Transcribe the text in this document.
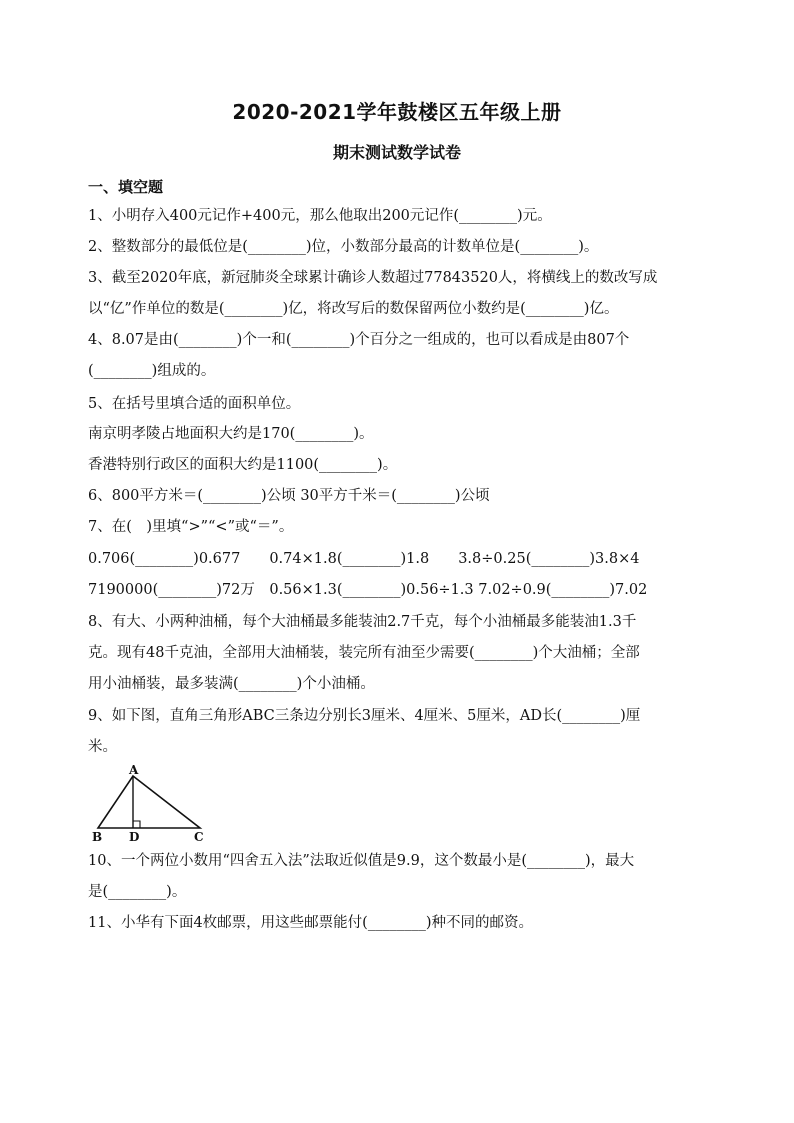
2020-2021学年鼓楼区五年级上册
期末测试数学试卷
一、填空题
1、小明存入400元记作+400元，那么他取出200元记作(________)元。
2、整数部分的最低位是(________)位，小数部分最高的计数单位是(________)。
3、截至2020年底，新冠肺炎全球累计确诊人数超过77843520人，将横线上的数改写成
以“亿”作单位的数是(________)亿，将改写后的数保留两位小数约是(________)亿。
4、8.07是由(________)个一和(________)个百分之一组成的，也可以看成是由807个
(________)组成的。
5、在括号里填合适的面积单位。
南京明孝陵占地面积大约是170(________)。
香港特别行政区的面积大约是1100(________)。
6、800平方米＝(________)公顷 30平方千米＝(________)公顷
7、在(　)里填“>”“<”或“＝”。
0.706(________)0.677　　0.74×1.8(________)1.8　　3.8÷0.25(________)3.8×4
7190000(________)72万　0.56×1.3(________)0.56÷1.3 7.02÷0.9(________)7.02
8、有大、小两种油桶，每个大油桶最多能装油2.7千克，每个小油桶最多能装油1.3千
克。现有48千克油，全部用大油桶装，装完所有油至少需要(________)个大油桶；全部
用小油桶装，最多装满(________)个小油桶。
9、如下图，直角三角形ABC三条边分别长3厘米、4厘米、5厘米，AD长(________)厘
米。
A
B D	C
10、一个两位小数用“四舍五入法”法取近似值是9.9，这个数最小是(________)，最大
是(________)。
11、小华有下面4枚邮票，用这些邮票能付(________)种不同的邮资。
